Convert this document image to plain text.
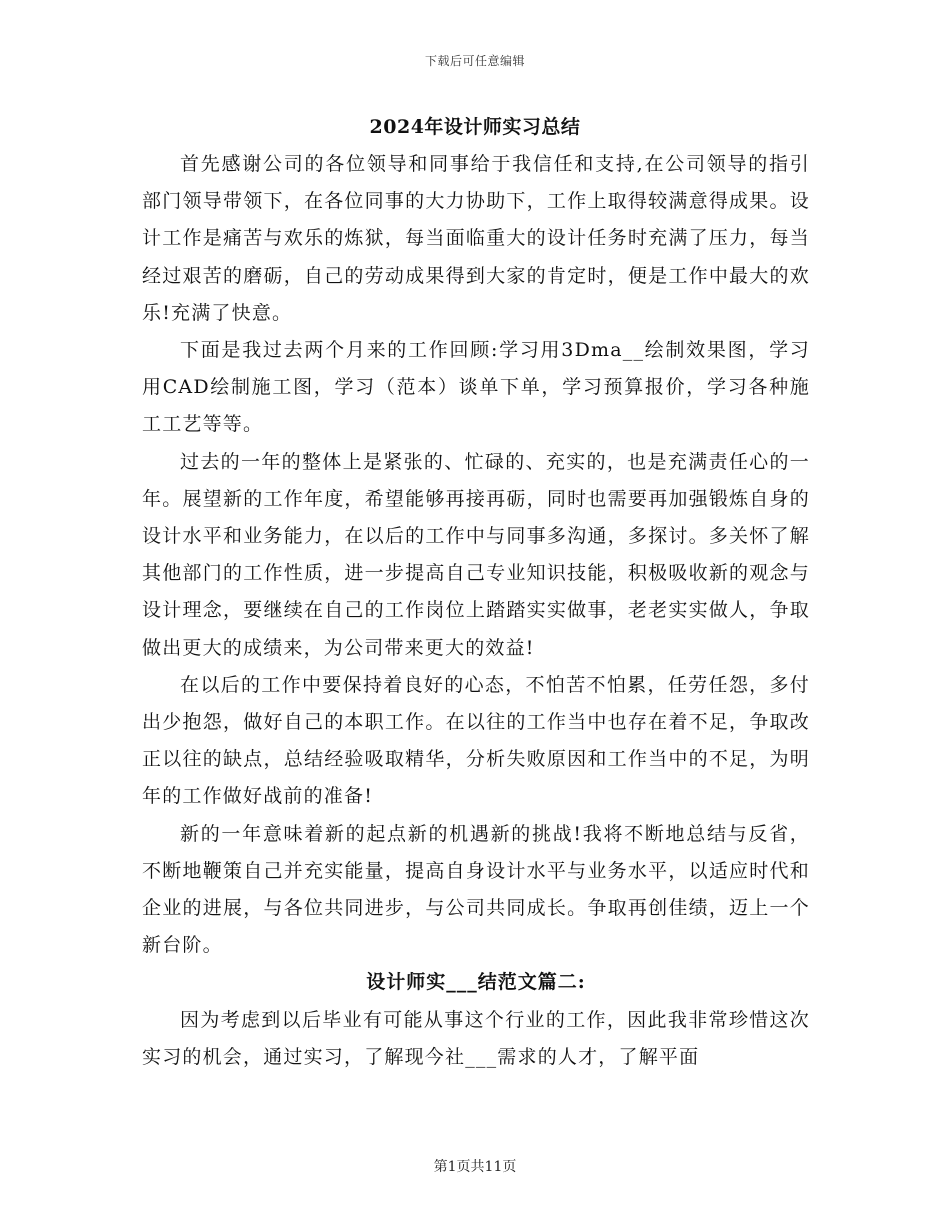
下载后可任意编辑
2024年设计师实习总结

首先感谢公司的各位领导和同事给于我信任和支持,在公司领导的指引部门领导带领下，在各位同事的大力协助下，工作上取得较满意得成果。设计工作是痛苦与欢乐的炼狱，每当面临重大的设计任务时充满了压力，每当经过艰苦的磨砺，自己的劳动成果得到大家的肯定时，便是工作中最大的欢乐!充满了快意。

下面是我过去两个月来的工作回顾:学习用3Dma__绘制效果图，学习用CAD绘制施工图，学习（范本）谈单下单，学习预算报价，学习各种施工工艺等等。

过去的一年的整体上是紧张的、忙碌的、充实的，也是充满责任心的一年。展望新的工作年度，希望能够再接再砺，同时也需要再加强锻炼自身的设计水平和业务能力，在以后的工作中与同事多沟通，多探讨。多关怀了解其他部门的工作性质，进一步提高自己专业知识技能，积极吸收新的观念与设计理念，要继续在自己的工作岗位上踏踏实实做事，老老实实做人，争取做出更大的成绩来，为公司带来更大的效益!

在以后的工作中要保持着良好的心态，不怕苦不怕累，任劳任怨，多付出少抱怨，做好自己的本职工作。在以往的工作当中也存在着不足，争取改正以往的缺点，总结经验吸取精华，分析失败原因和工作当中的不足，为明年的工作做好战前的准备!

新的一年意味着新的起点新的机遇新的挑战!我将不断地总结与反省，不断地鞭策自己并充实能量，提高自身设计水平与业务水平，以适应时代和企业的进展，与各位共同进步，与公司共同成长。争取再创佳绩，迈上一个新台阶。

设计师实___结范文篇二:

因为考虑到以后毕业有可能从事这个行业的工作，因此我非常珍惜这次实习的机会，通过实习，了解现今社___需求的人才，了解平面

第1页共11页
